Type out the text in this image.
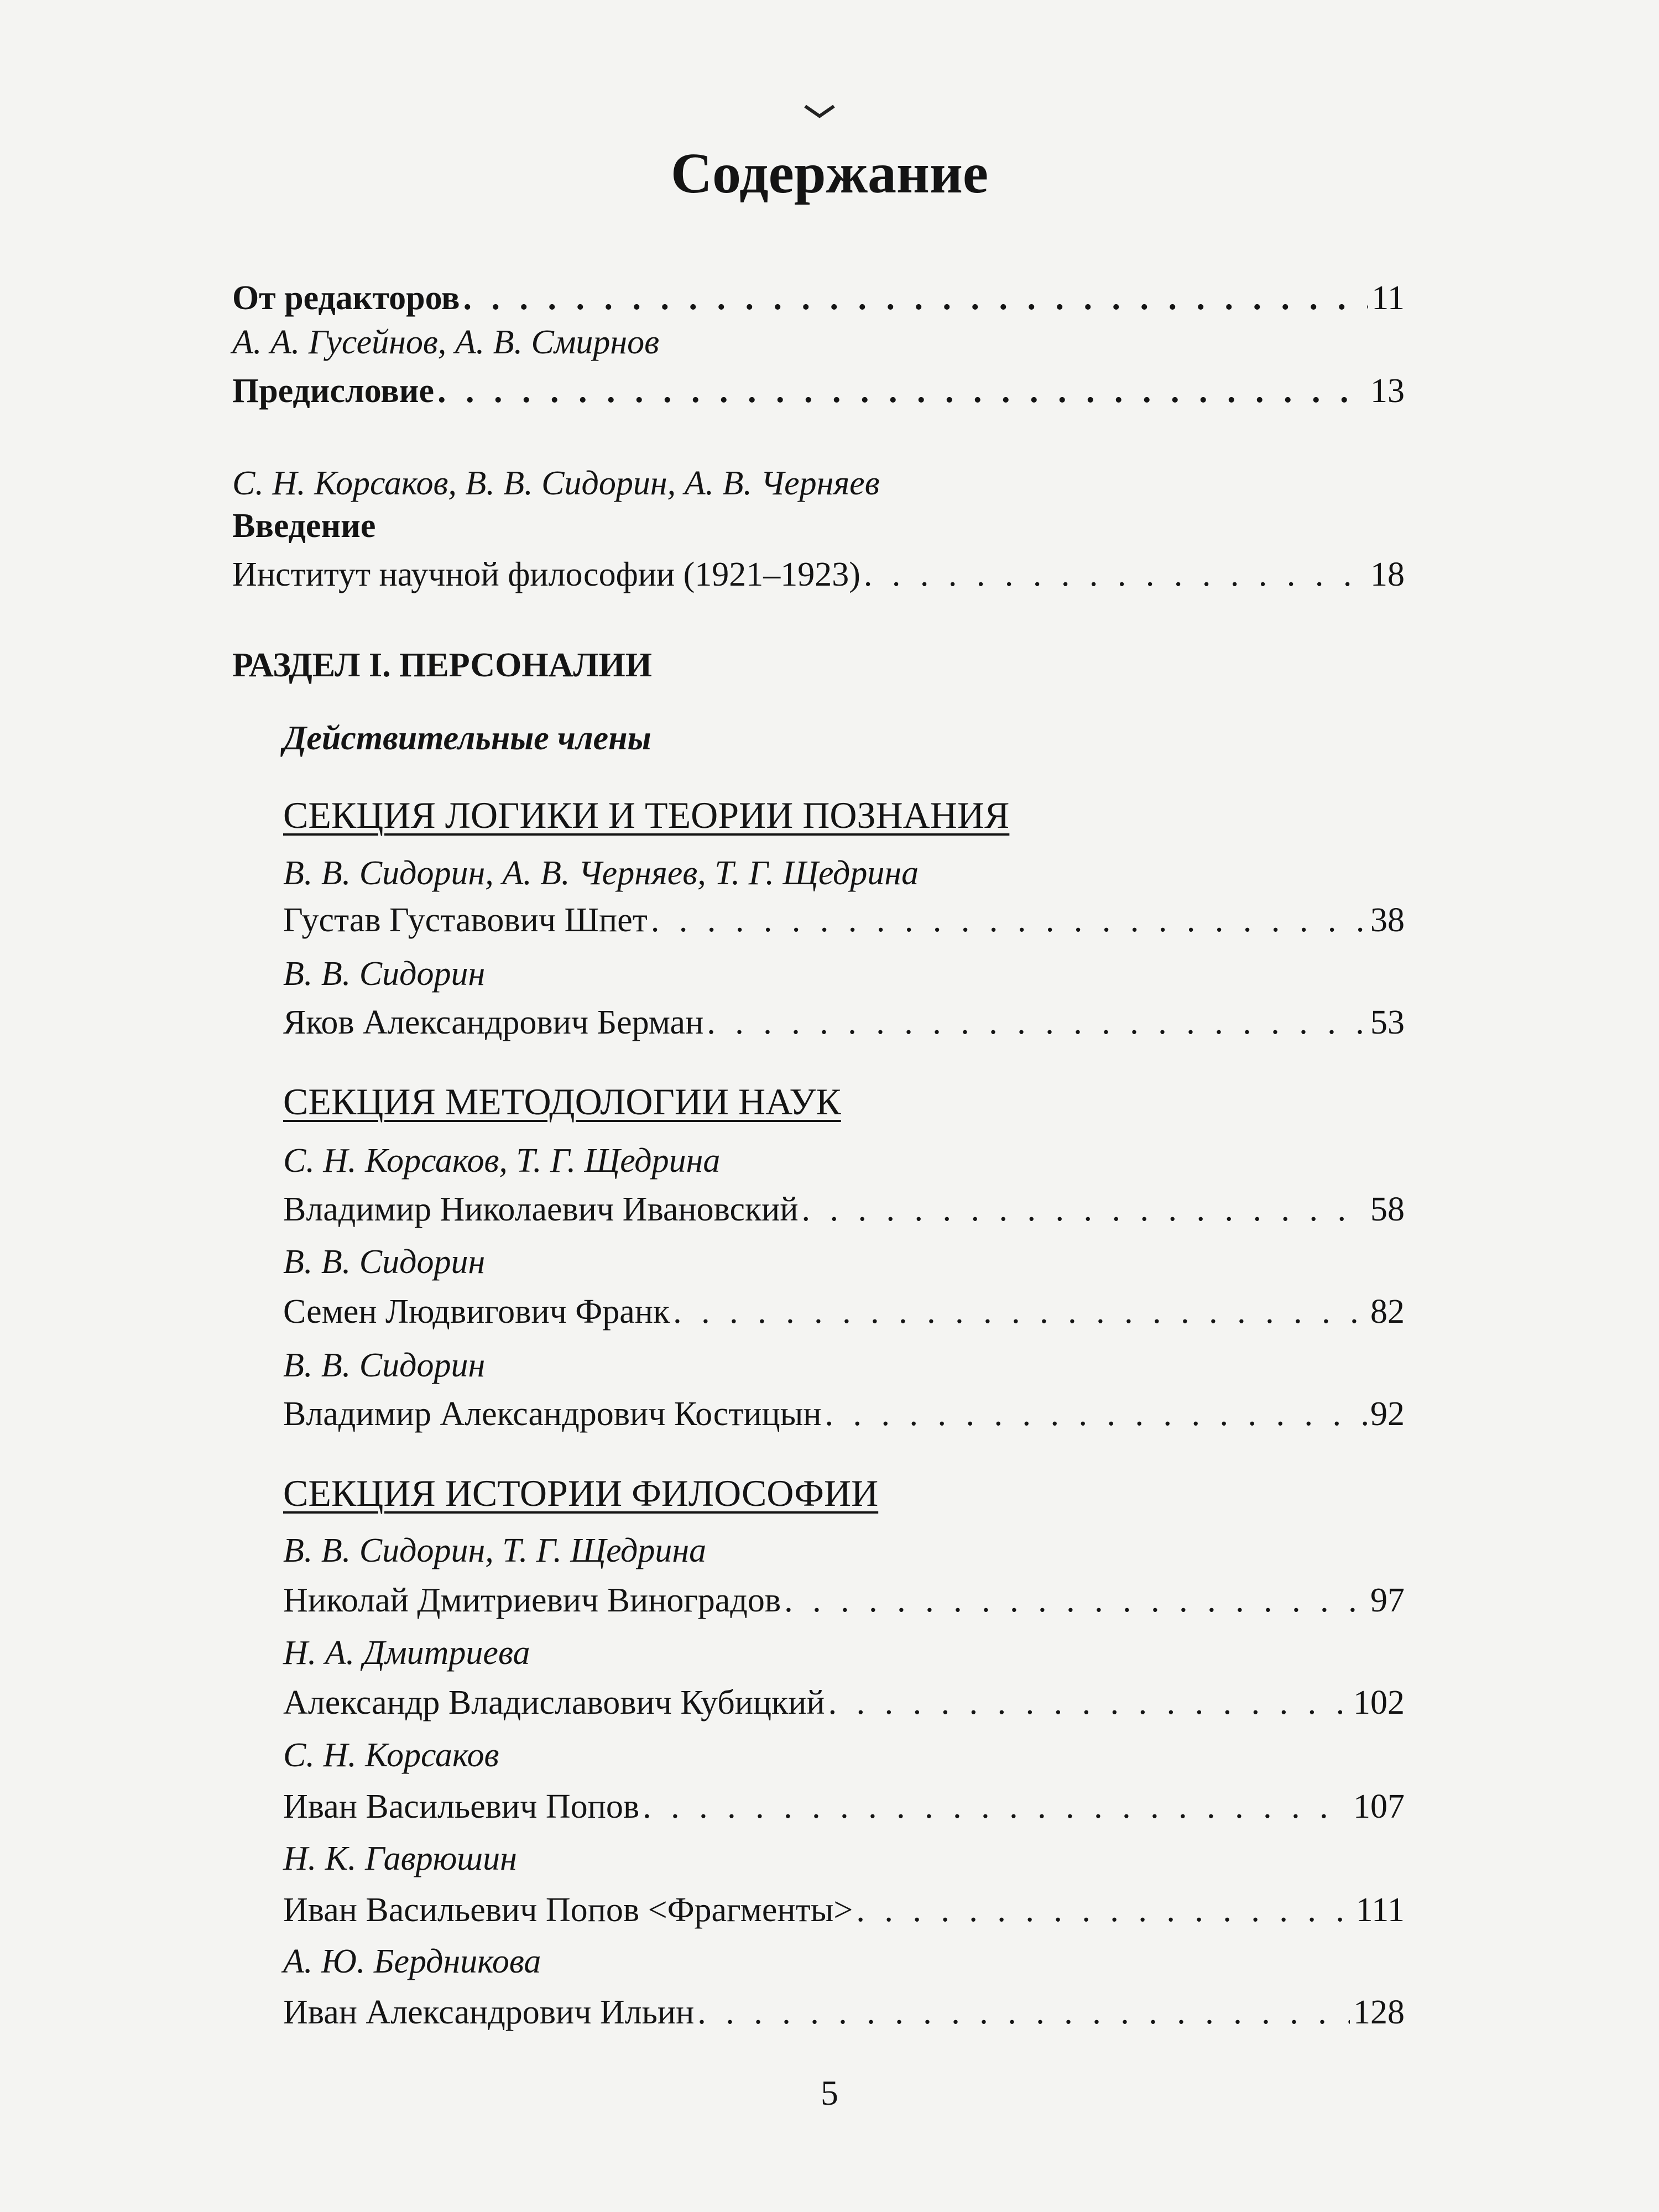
Содержание
От редакторов . . .	11
А. А. Гусейнов, А. В. Смирнов
Предисловие . . .	13
С. Н. Корсаков, В. В. Сидорин, А. В. Черняев
Введение
Институт научной философии (1921–1923) . . .	18
РАЗДЕЛ I. ПЕРСОНАЛИИ
Действительные члены
СЕКЦИЯ ЛОГИКИ И ТЕОРИИ ПОЗНАНИЯ
В. В. Сидорин, А. В. Черняев, Т. Г. Щедрина
Густав Густавович Шпет . . .	38
В. В. Сидорин
Яков Александрович Берман . . .	53
СЕКЦИЯ МЕТОДОЛОГИИ НАУК
С. Н. Корсаков, Т. Г. Щедрина
Владимир Николаевич Ивановский . . .	58
В. В. Сидорин
Семен Людвигович Франк . . .	82
В. В. Сидорин
Владимир Александрович Костицын . . .	92
СЕКЦИЯ ИСТОРИИ ФИЛОСОФИИ
В. В. Сидорин, Т. Г. Щедрина
Николай Дмитриевич Виноградов . . .	97
Н. А. Дмитриева
Александр Владиславович Кубицкий . . .	102
С. Н. Корсаков
Иван Васильевич Попов . . .	107
Н. К. Гаврюшин
Иван Васильевич Попов <Фрагменты> . . .	111
А. Ю. Бердникова
Иван Александрович Ильин . . .	128
5
